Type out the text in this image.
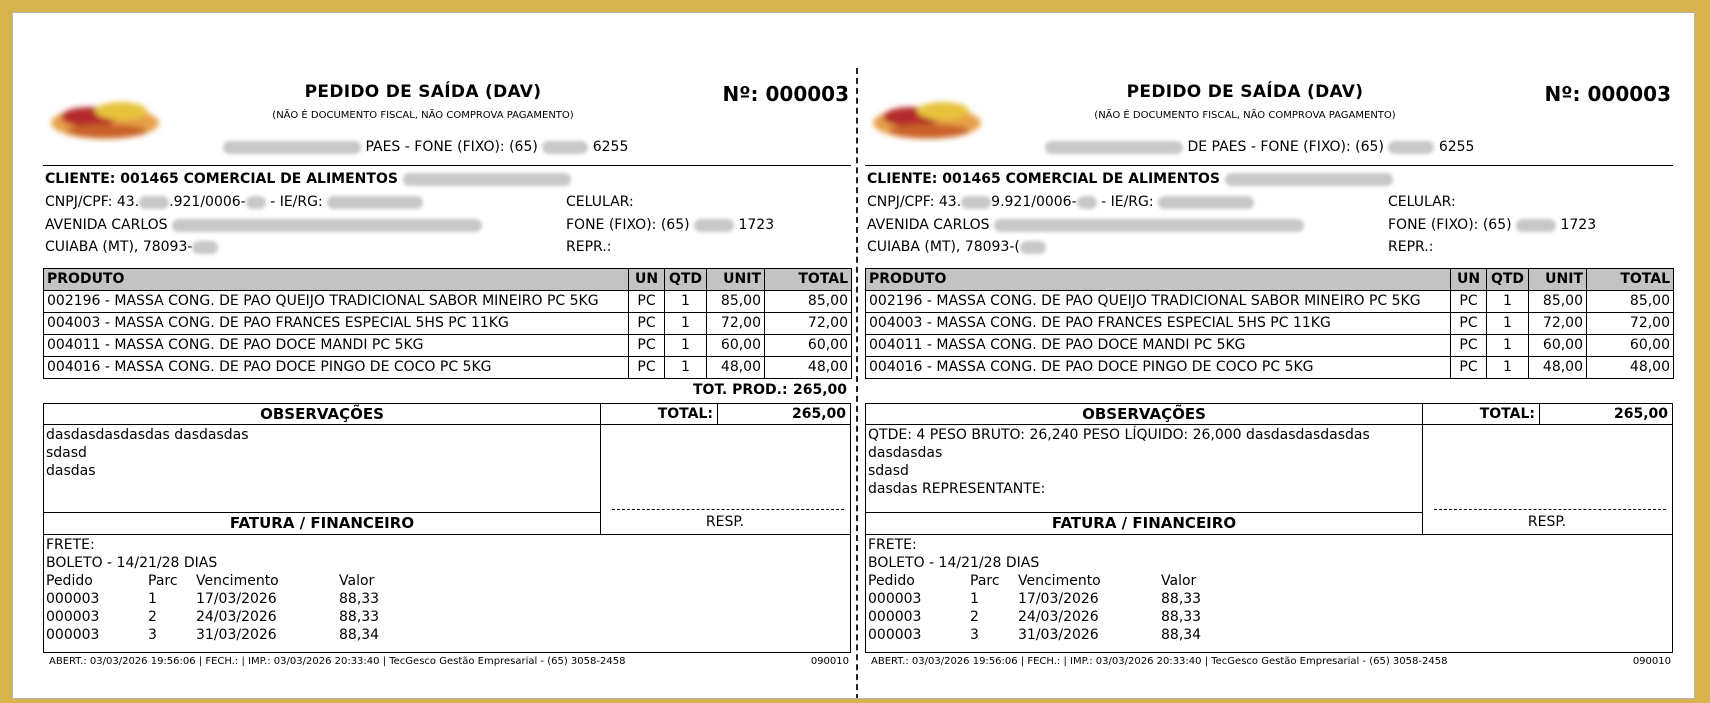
PEDIDO DE SAÍDA (DAV)
(NÃO É DOCUMENTO FISCAL, NÃO COMPROVA PAGAMENTO)
Nº: 000003
PAES - FONE (FIXO): (65)	6255
CLIENTE: 001465 COMERCIAL DE ALIMENTOS
CNPJ/CPF: 43. .921/0006- - IE/RG:
AVENIDA CARLOS
CUIABA (MT), 78093-
CELULAR:
FONE (FIXO): (65)	1723
REPR.:
PRODUTO	UN	QTD	UNIT	TOTAL
002196 - MASSA CONG. DE PAO QUEIJO TRADICIONAL SABOR MINEIRO PC 5KG	PC	1	85,00	85,00
004003 - MASSA CONG. DE PAO FRANCES ESPECIAL 5HS PC 11KG	PC	1	72,00	72,00
004011 - MASSA CONG. DE PAO DOCE MANDI PC 5KG	PC	1	60,00	60,00
004016 - MASSA CONG. DE PAO DOCE PINGO DE COCO PC 5KG	PC	1	48,00	48,00
TOT. PROD.: 265,00
OBSERVAÇÕES	TOTAL:	265,00
dasdasdasdasdas dasdasdas
sdasd
dasdas
RESP.
FATURA / FINANCEIRO
FRETE:
BOLETO - 14/21/28 DIAS
Pedido	Parc Vencimento	Valor
000003	1	17/03/2026	88,33
000003	2	24/03/2026	88,33
000003	3	31/03/2026	88,34
ABERT.: 03/03/2026 19:56:06 | FECH.: | IMP.: 03/03/2026 20:33:40 | TecGesco Gestão Empresarial - (65) 3058-2458	090010
PEDIDO DE SAÍDA (DAV)
(NÃO É DOCUMENTO FISCAL, NÃO COMPROVA PAGAMENTO)
Nº: 000003
DE PAES - FONE (FIXO): (65)	6255
CLIENTE: 001465 COMERCIAL DE ALIMENTOS
CNPJ/CPF: 43. 9.921/0006- - IE/RG:
AVENIDA CARLOS
CUIABA (MT), 78093-(
CELULAR:
FONE (FIXO): (65)	1723
REPR.:
PRODUTO	UN	QTD	UNIT	TOTAL
002196 - MASSA CONG. DE PAO QUEIJO TRADICIONAL SABOR MINEIRO PC 5KG	PC	1	85,00	85,00
004003 - MASSA CONG. DE PAO FRANCES ESPECIAL 5HS PC 11KG	PC	1	72,00	72,00
004011 - MASSA CONG. DE PAO DOCE MANDI PC 5KG	PC	1	60,00	60,00
004016 - MASSA CONG. DE PAO DOCE PINGO DE COCO PC 5KG	PC	1	48,00	48,00
OBSERVAÇÕES	TOTAL:	265,00
QTDE: 4 PESO BRUTO: 26,240 PESO LÍQUIDO: 26,000 dasdasdasdasdas
dasdasdas
sdasd
dasdas REPRESENTANTE:
RESP.
FATURA / FINANCEIRO
FRETE:
BOLETO - 14/21/28 DIAS
Pedido	Parc Vencimento	Valor
000003	1	17/03/2026	88,33
000003	2	24/03/2026	88,33
000003	3	31/03/2026	88,34
ABERT.: 03/03/2026 19:56:06 | FECH.: | IMP.: 03/03/2026 20:33:40 | TecGesco Gestão Empresarial - (65) 3058-2458	090010
